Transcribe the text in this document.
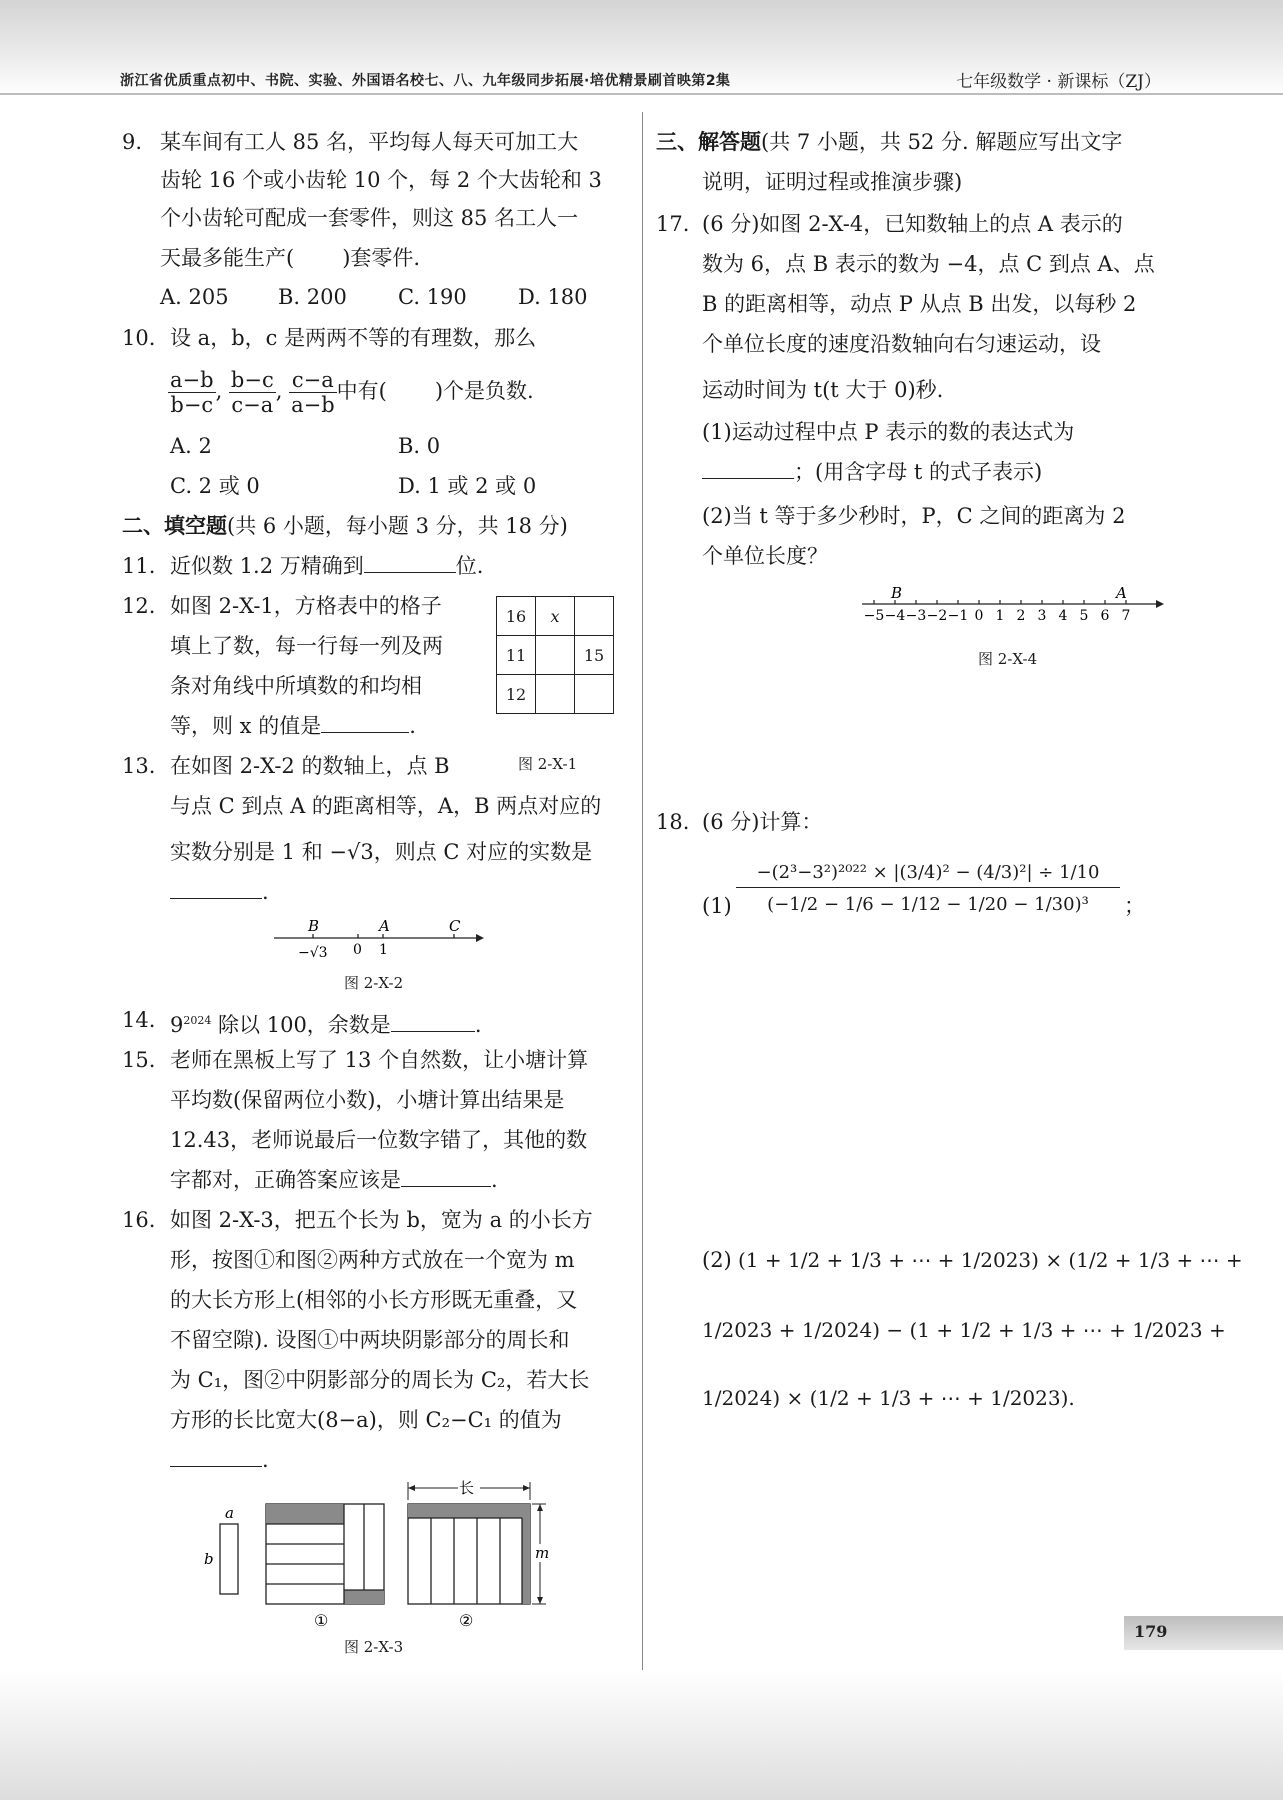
浙江省优质重点初中、书院、实验、外国语名校七、八、九年级同步拓展·培优精景刷首映第2集	七年级数学 · 新课标（ZJ）
9. 某车间有工人 85 名，平均每人每天可加工大
齿轮 16 个或小齿轮 10 个，每 2 个大齿轮和 3
个小齿轮可配成一套零件，则这 85 名工人一
天最多能生产( )套零件.
A. 205 B. 200 C. 190 D. 180
10. 设 a，b，c 是两两不等的有理数，那么
$\frac{a-b}{b-c}$ , $\frac{b-c}{c-a}$ , $\frac{c-a}{a-b}$ 中有( )个是负数.
A. 2	B. 0
C. 2 或 0	D. 1 或 2 或 0
二、填空题(共 6 小题，每小题 3 分，共 18 分)
11. 近似数 1.2 万精确到	位.
12. 如图 2-X-1，方格表中的格子
填上了数，每一行每一列及两
条对角线中所填数的和均相
等，则 x 的值是	.
16	x	
11		15
12		
图 2-X-1
13. 在如图 2-X-2 的数轴上，点 B
与点 C 到点 A 的距离相等，A，B 两点对应的
实数分别是 1 和 −√3，则点 C 对应的实数是
.
B	A	C
−√3 0 1
图 2-X-2
14. $9^{2024}$ 除以 100，余数是	.
15. 老师在黑板上写了 13 个自然数，让小塘计算
平均数(保留两位小数)，小塘计算出结果是
12.43，老师说最后一位数字错了，其他的数
字都对，正确答案应该是	.
16. 如图 2-X-3，把五个长为 b，宽为 a 的小长方
形，按图①和图②两种方式放在一个宽为 m
的大长方形上(相邻的小长方形既无重叠，又
不留空隙). 设图①中两块阴影部分的周长和
为 C₁，图②中阴影部分的周长为 C₂，若大长
方形的长比宽大(8−a)，则 C₂−C₁ 的值为
.
a
b
①
长
m
②
图 2-X-3
三、解答题(共 7 小题，共 52 分. 解题应写出文字
说明，证明过程或推演步骤)
17. (6 分)如图 2-X-4，已知数轴上的点 A 表示的
数为 6，点 B 表示的数为 −4，点 C 到点 A、点
B 的距离相等，动点 P 从点 B 出发，以每秒 2
个单位长度的速度沿数轴向右匀速运动，设
运动时间为 t(t 大于 0)秒.
(1)运动过程中点 P 表示的数的表达式为
；(用含字母 t 的式子表示)
(2)当 t 等于多少秒时，P，C 之间的距离为 2
个单位长度？
−5 −4 −3 −2 −1 0 1 2 3 4 5 6 7
B	A
图 2-X-4
18. (6 分)计算：
$(1) \frac{\text{−(2³−3²)²⁰²² × |(3/4)² − (4/3)²| ÷ 1/10}}{\text{(−1/2 − 1/6 − 1/12 − 1/20 − 1/30)³}}$ ；
(2) (1 + 1/2 + 1/3 + ⋯ + 1/2023) × (1/2 + 1/3 + ⋯ +
1/2023 + 1/2024) − (1 + 1/2 + 1/3 + ⋯ + 1/2023 +
1/2024) × (1/2 + 1/3 + ⋯ + 1/2023).
179
